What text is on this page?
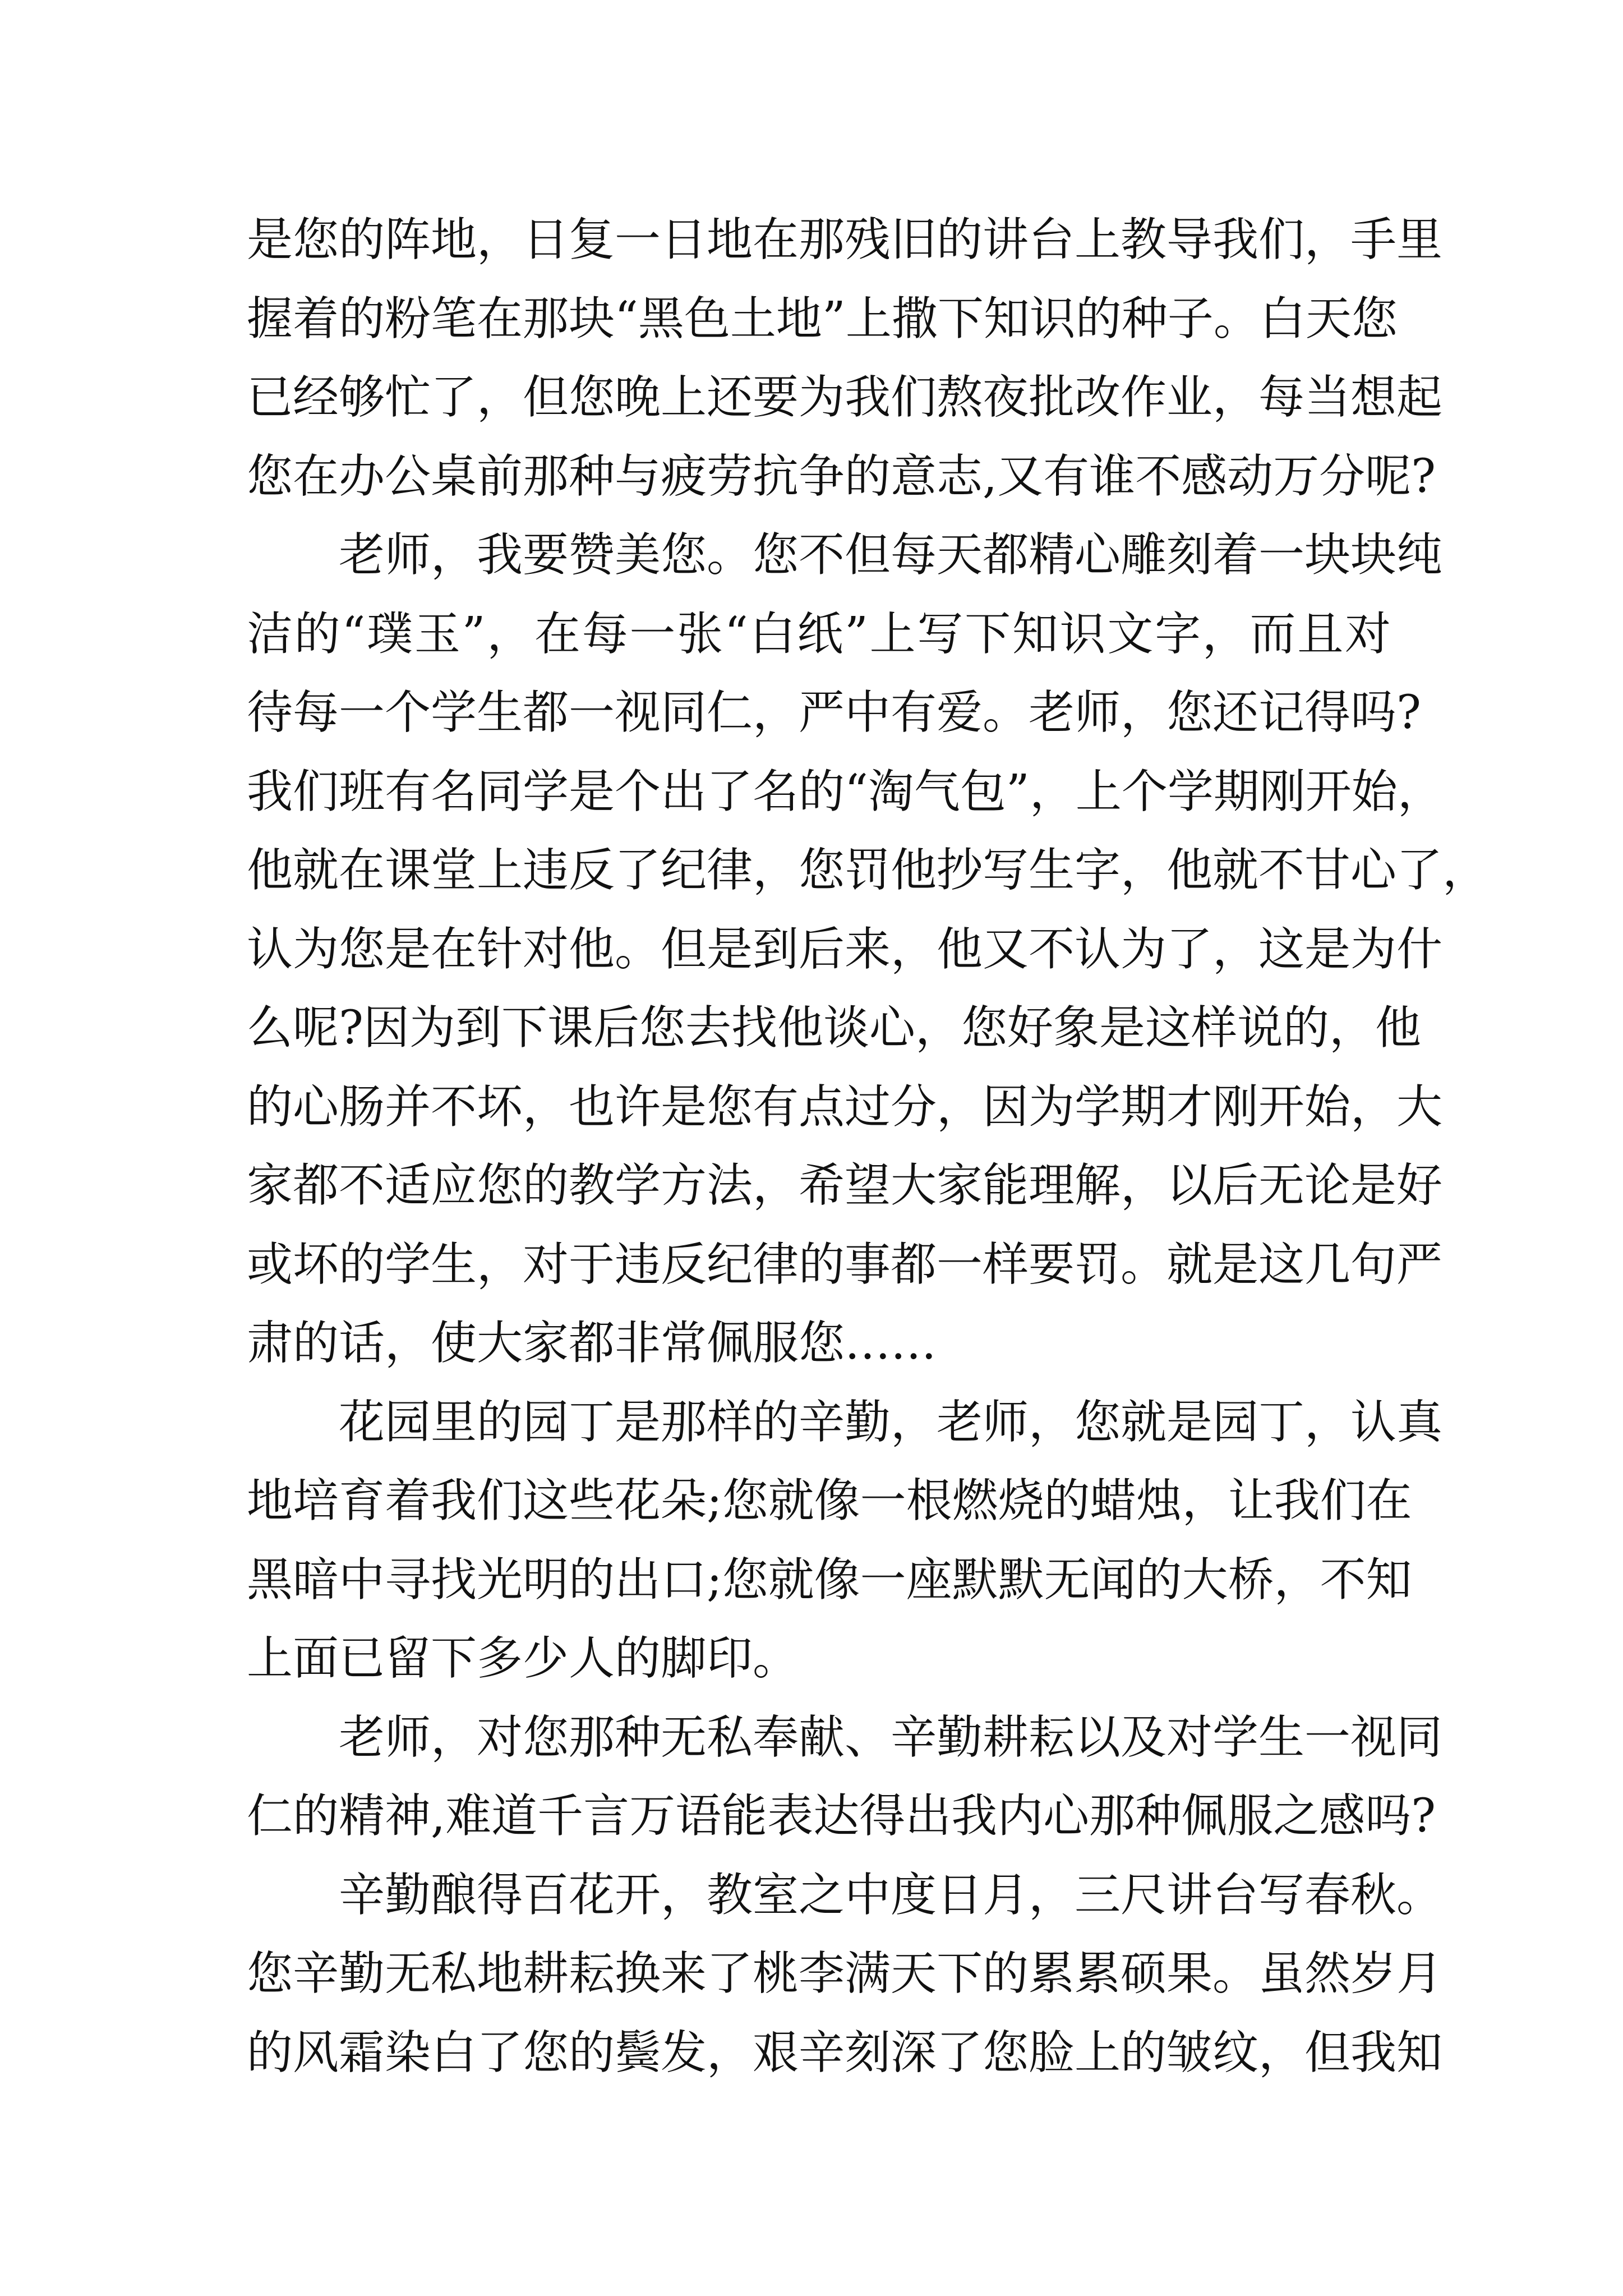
是您的阵地，日复一日地在那残旧的讲台上教导我们，手里
握着的粉笔在那块“黑色土地”上撒下知识的种子。白天您
已经够忙了，但您晚上还要为我们熬夜批改作业，每当想起
您在办公桌前那种与疲劳抗争的意志,又有谁不感动万分呢?
老师，我要赞美您。您不但每天都精心雕刻着一块块纯
洁的“璞玉”，在每一张“白纸”上写下知识文字，而且对
待每一个学生都一视同仁，严中有爱。老师，您还记得吗?
我们班有名同学是个出了名的“淘气包”，上个学期刚开始，
他就在课堂上违反了纪律，您罚他抄写生字，他就不甘心了，
认为您是在针对他。但是到后来，他又不认为了，这是为什
么呢?因为到下课后您去找他谈心，您好象是这样说的，他
的心肠并不坏，也许是您有点过分，因为学期才刚开始，大
家都不适应您的教学方法，希望大家能理解，以后无论是好
或坏的学生，对于违反纪律的事都一样要罚。就是这几句严
肃的话，使大家都非常佩服您……
花园里的园丁是那样的辛勤，老师，您就是园丁，认真
地培育着我们这些花朵;您就像一根燃烧的蜡烛，让我们在
黑暗中寻找光明的出口;您就像一座默默无闻的大桥，不知
上面已留下多少人的脚印。
老师，对您那种无私奉献、辛勤耕耘以及对学生一视同
仁的精神,难道千言万语能表达得出我内心那种佩服之感吗?
辛勤酿得百花开，教室之中度日月，三尺讲台写春秋。
您辛勤无私地耕耘换来了桃李满天下的累累硕果。虽然岁月
的风霜染白了您的鬓发，艰辛刻深了您脸上的皱纹，但我知
